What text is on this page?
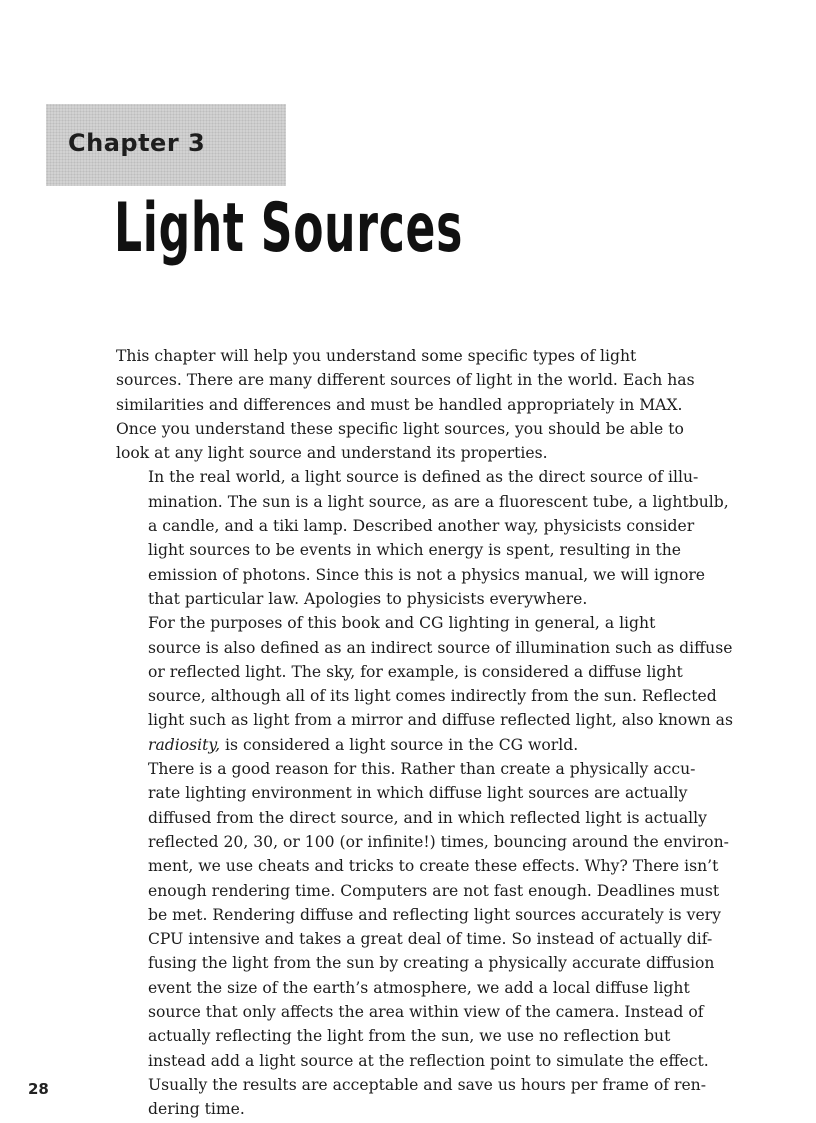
Chapter 3
Light Sources

This chapter will help you understand some specific types of light
sources. There are many different sources of light in the world. Each has
similarities and differences and must be handled appropriately in MAX.
Once you understand these specific light sources, you should be able to
look at any light source and understand its properties.

In the real world, a light source is defined as the direct source of illu-
mination. The sun is a light source, as are a fluorescent tube, a lightbulb,
a candle, and a tiki lamp. Described another way, physicists consider
light sources to be events in which energy is spent, resulting in the
emission of photons. Since this is not a physics manual, we will ignore
that particular law. Apologies to physicists everywhere.

For the purposes of this book and CG lighting in general, a light
source is also defined as an indirect source of illumination such as diffuse
or reflected light. The sky, for example, is considered a diffuse light
source, although all of its light comes indirectly from the sun. Reflected
light such as light from a mirror and diffuse reflected light, also known as
radiosity, is considered a light source in the CG world.

There is a good reason for this. Rather than create a physically accu-
rate lighting environment in which diffuse light sources are actually
diffused from the direct source, and in which reflected light is actually
reflected 20, 30, or 100 (or infinite!) times, bouncing around the environ-
ment, we use cheats and tricks to create these effects. Why? There isn’t
enough rendering time. Computers are not fast enough. Deadlines must
be met. Rendering diffuse and reflecting light sources accurately is very
CPU intensive and takes a great deal of time. So instead of actually dif-
fusing the light from the sun by creating a physically accurate diffusion
event the size of the earth’s atmosphere, we add a local diffuse light
source that only affects the area within view of the camera. Instead of
actually reflecting the light from the sun, we use no reflection but
instead add a light source at the reflection point to simulate the effect.
Usually the results are acceptable and save us hours per frame of ren-
dering time.

28
